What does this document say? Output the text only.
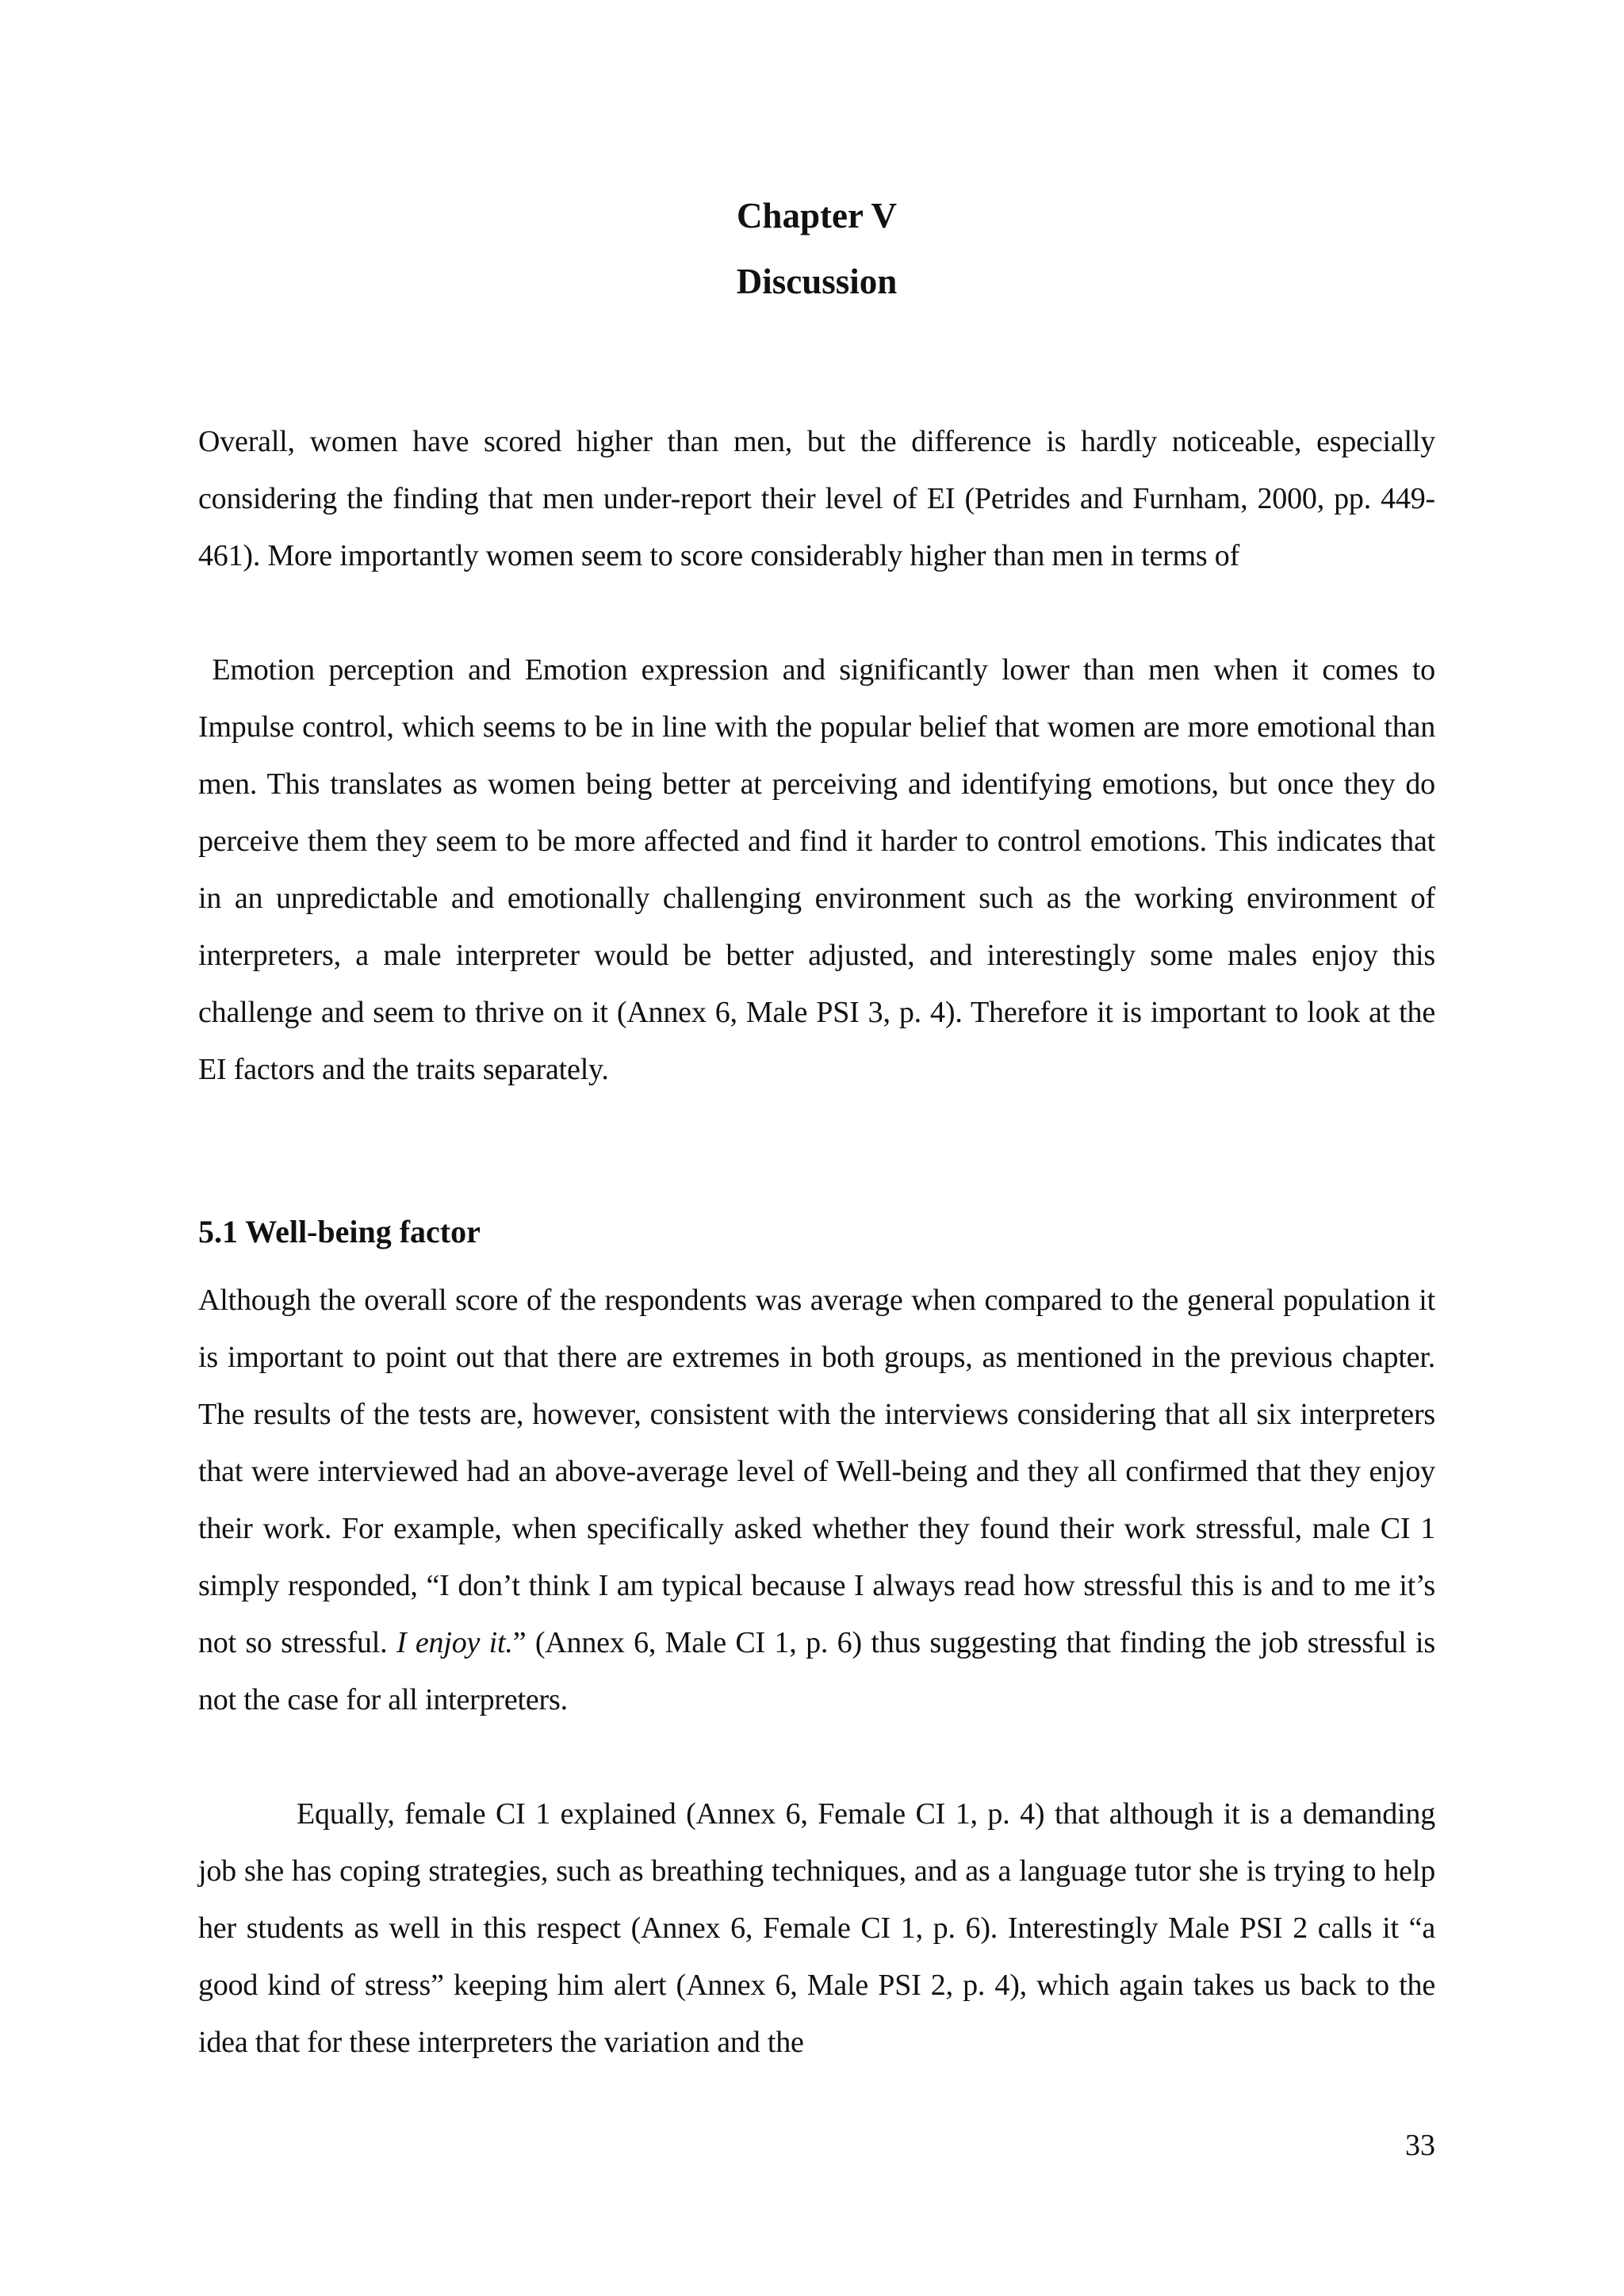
Chapter V
Discussion

Overall, women have scored higher than men, but the difference is hardly noticeable, especially considering the finding that men under-report their level of EI (Petrides and Furnham, 2000, pp. 449-461). More importantly women seem to score considerably higher than men in terms of

Emotion perception and Emotion expression and significantly lower than men when it comes to Impulse control, which seems to be in line with the popular belief that women are more emotional than men. This translates as women being better at perceiving and identifying emotions, but once they do perceive them they seem to be more affected and find it harder to control emotions. This indicates that in an unpredictable and emotionally challenging environment such as the working environment of interpreters, a male interpreter would be better adjusted, and interestingly some males enjoy this challenge and seem to thrive on it (Annex 6, Male PSI 3, p. 4). Therefore it is important to look at the EI factors and the traits separately.

5.1 Well-being factor

Although the overall score of the respondents was average when compared to the general population it is important to point out that there are extremes in both groups, as mentioned in the previous chapter. The results of the tests are, however, consistent with the interviews considering that all six interpreters that were interviewed had an above-average level of Well-being and they all confirmed that they enjoy their work. For example, when specifically asked whether they found their work stressful, male CI 1 simply responded, “I don’t think I am typical because I always read how stressful this is and to me it’s not so stressful. I enjoy it.” (Annex 6, Male CI 1, p. 6) thus suggesting that finding the job stressful is not the case for all interpreters.

Equally, female CI 1 explained (Annex 6, Female CI 1, p. 4) that although it is a demanding job she has coping strategies, such as breathing techniques, and as a language tutor she is trying to help her students as well in this respect (Annex 6, Female CI 1, p. 6). Interestingly Male PSI 2 calls it “a good kind of stress” keeping him alert (Annex 6, Male PSI 2, p. 4), which again takes us back to the idea that for these interpreters the variation and the

33
